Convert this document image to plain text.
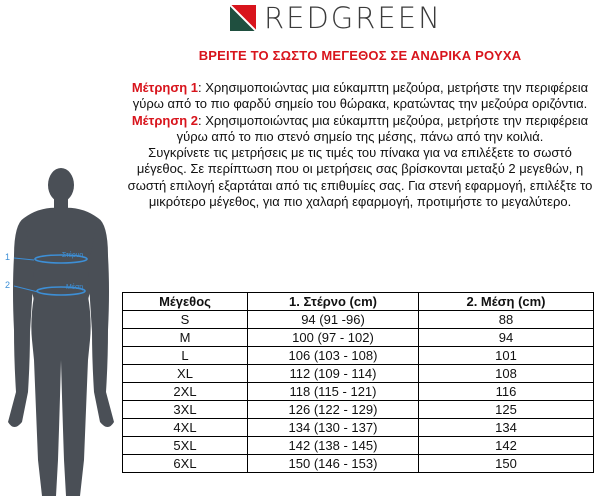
REDGREEN
ΒΡΕΙΤΕ ΤΟ ΣΩΣΤΟ ΜΕΓΕΘΟΣ ΣΕ ΑΝΔΡΙΚΑ ΡΟΥΧΑ

Μέτρηση 1: Χρησιμοποιώντας μια εύκαμπτη μεζούρα, μετρήστε την περιφέρεια γύρω από το πιο φαρδύ σημείο του θώρακα, κρατώντας την μεζούρα οριζόντια.

Μέτρηση 2: Χρησιμοποιώντας μια εύκαμπτη μεζούρα, μετρήστε την περιφέρεια γύρω από το πιο στενό σημείο της μέσης, πάνω από την κοιλιά.

Συγκρίνετε τις μετρήσεις με τις τιμές του πίνακα για να επιλέξετε το σωστό μέγεθος. Σε περίπτωση που οι μετρήσεις σας βρίσκονται μεταξύ 2 μεγεθών, η σωστή επιλογή εξαρτάται από τις επιθυμίες σας. Για στενή εφαρμογή, επιλέξτε το μικρότερο μέγεθος, για πιο χαλαρή εφαρμογή, προτιμήστε το μεγαλύτερο.

Στέρνο
Μέση
1
2
Μέγεθος	1. Στέρνο (cm)	2. Μέση (cm)
S	94 (91 -96)	88
M	100 (97 - 102)	94
L	106 (103 - 108)	101
XL	112 (109 - 114)	108
2XL	118 (115 - 121)	116
3XL	126 (122 - 129)	125
4XL	134 (130 - 137)	134
5XL	142 (138 - 145)	142
6XL	150 (146 - 153)	150
